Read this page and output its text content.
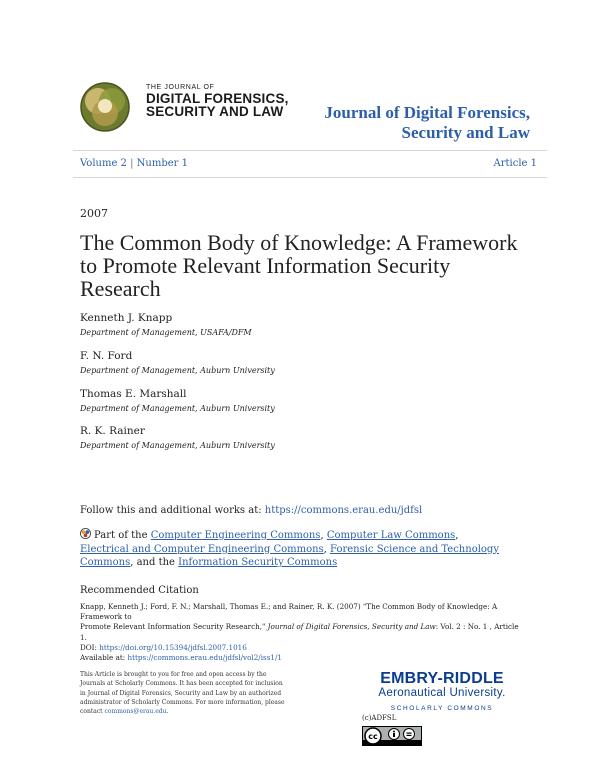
THE JOURNAL OF
DIGITAL FORENSICS,
SECURITY AND LAW	Journal of Digital Forensics,
Security and Law
Volume 2 | Number 1	Article 1
2007
The Common Body of Knowledge: A Framework to Promote Relevant Information Security Research
Kenneth J. Knapp
Department of Management, USAFA/DFM
F. N. Ford
Department of Management, Auburn University
Thomas E. Marshall
Department of Management, Auburn University
R. K. Rainer
Department of Management, Auburn University
Follow this and additional works at: https://commons.erau.edu/jdfsl
Part of the Computer Engineering Commons, Computer Law Commons, Electrical and Computer Engineering Commons, Forensic Science and Technology Commons, and the Information Security Commons
Recommended Citation
Knapp, Kenneth J.; Ford, F. N.; Marshall, Thomas E.; and Rainer, R. K. (2007) "The Common Body of Knowledge: A Framework to
Promote Relevant Information Security Research," Journal of Digital Forensics, Security and Law: Vol. 2 : No. 1 , Article 1.
DOI: https://doi.org/10.15394/jdfsl.2007.1016
Available at: https://commons.erau.edu/jdfsl/vol2/iss1/1
This Article is brought to you for free and open access by the Journals at Scholarly Commons. It has been accepted for inclusion in Journal of Digital Forensics, Security and Law by an authorized administrator of Scholarly Commons. For more information, please contact commons@erau.edu.
EMBRY-RIDDLE
Aeronautical University.
SCHOLARLY COMMONS
(c)ADFSL
cc
